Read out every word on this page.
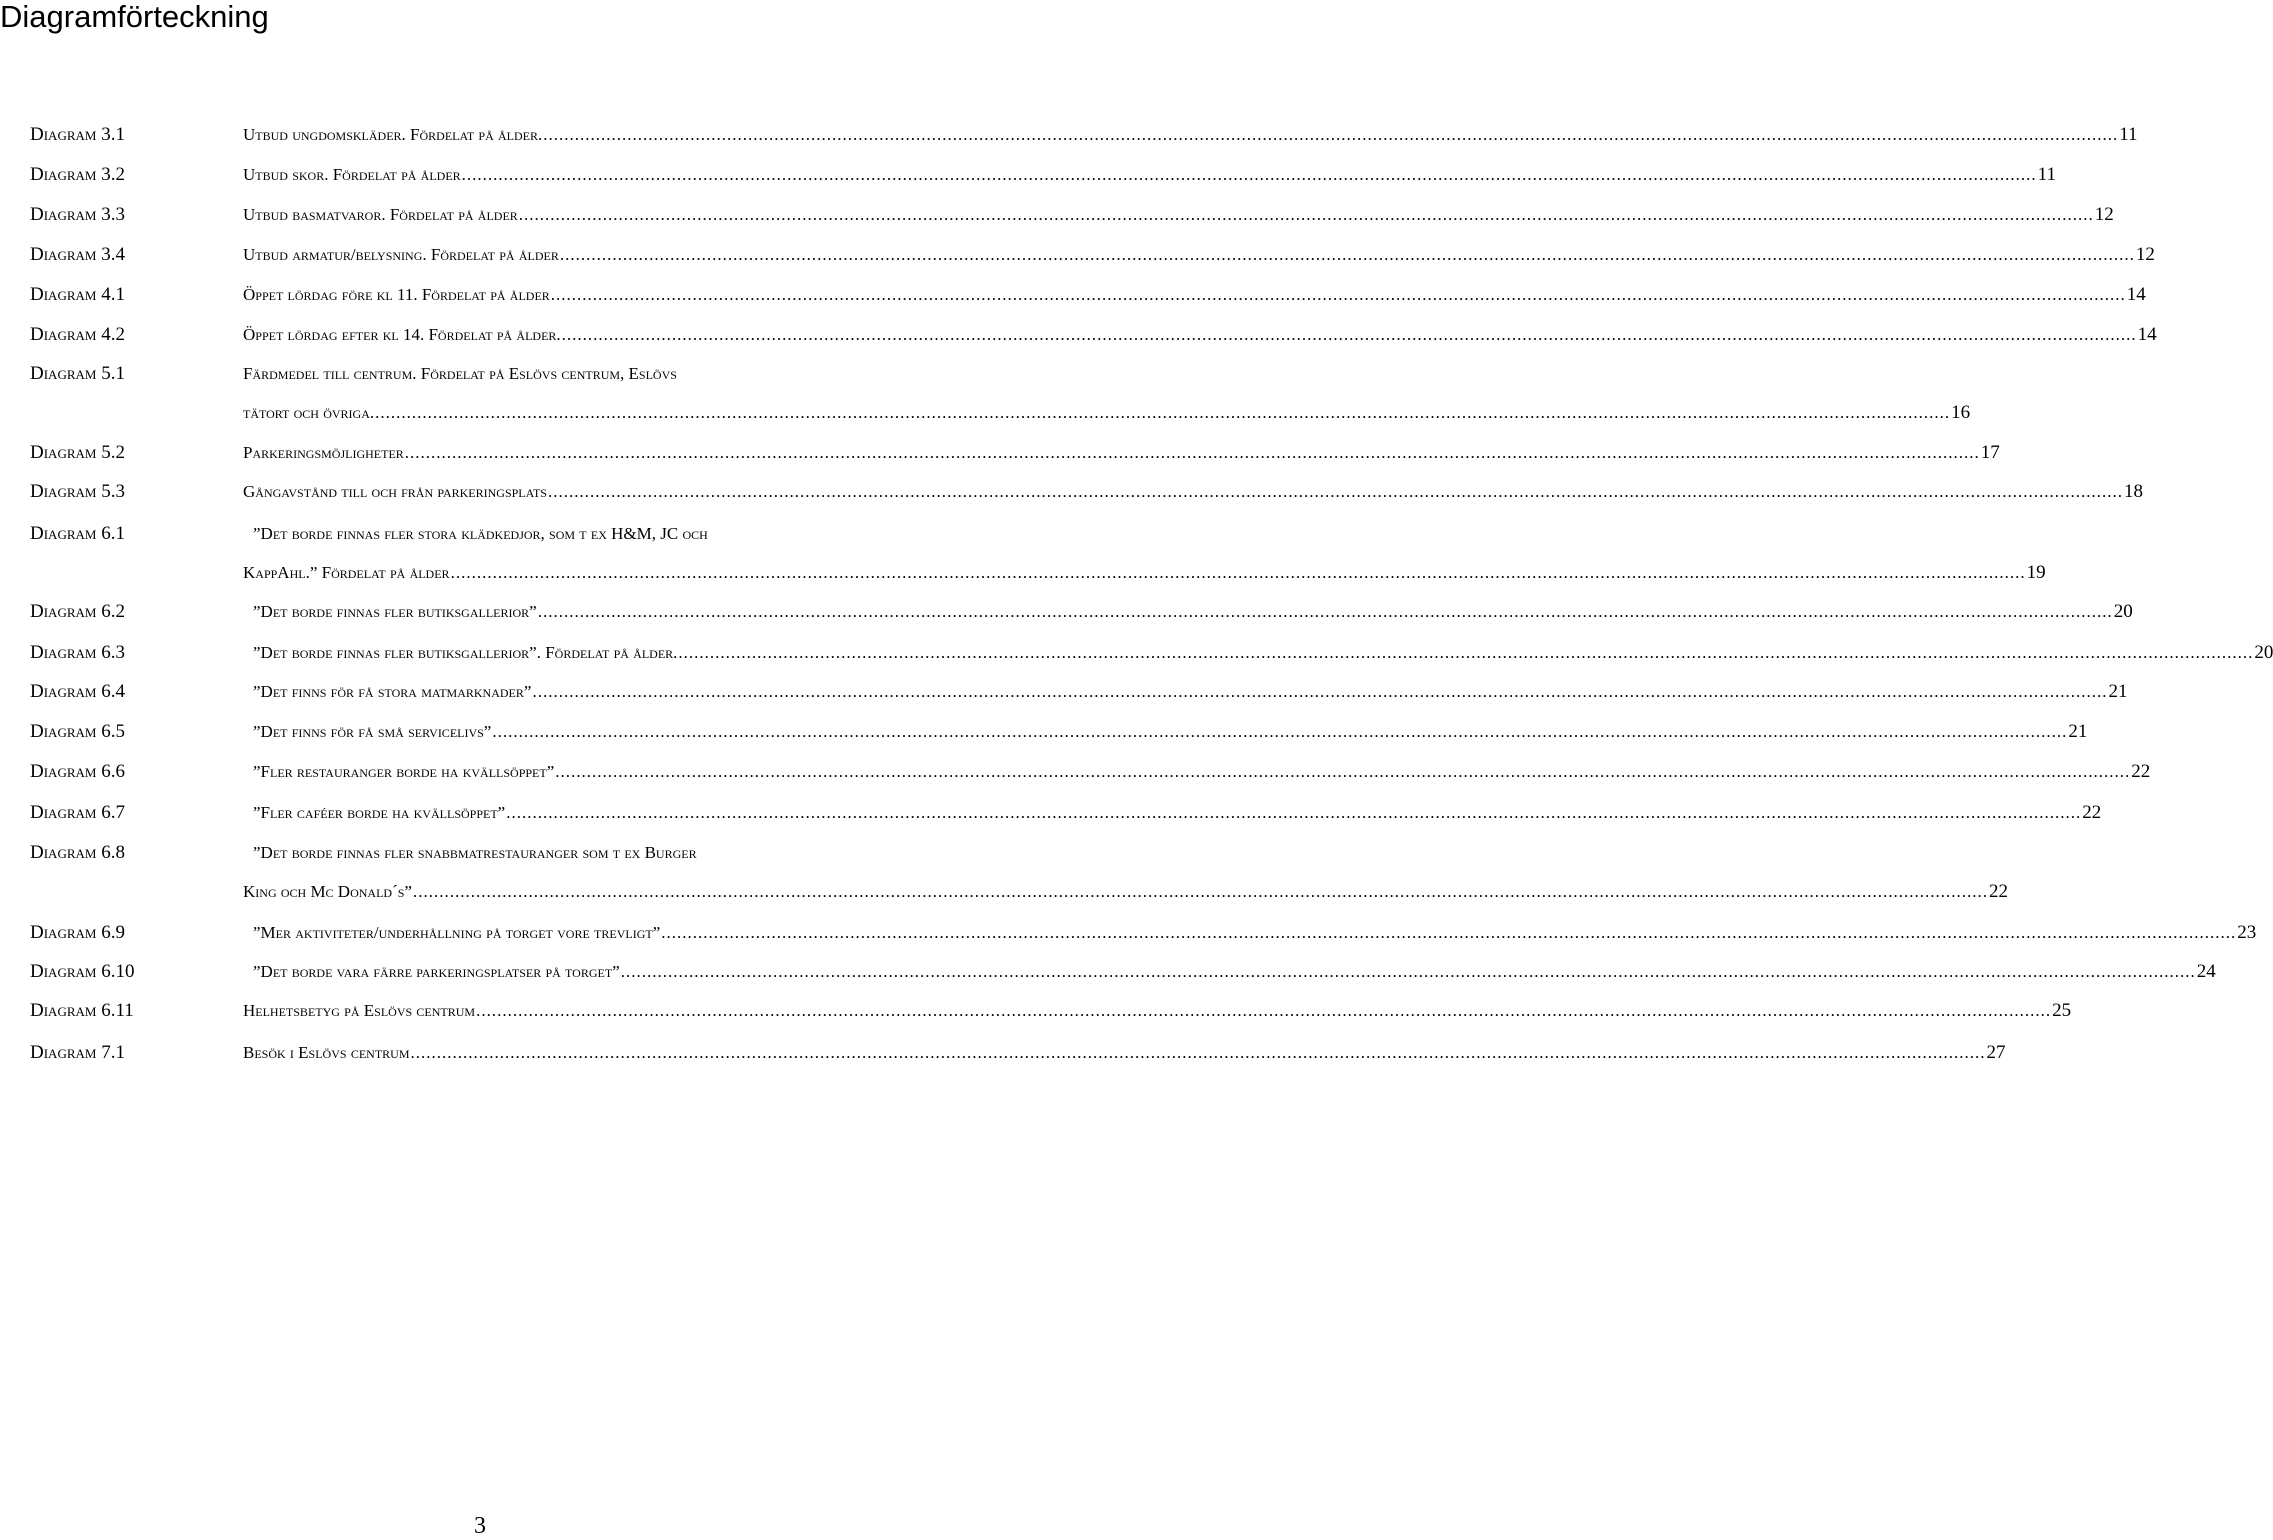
Diagramförteckning
Diagram 3.1	Utbud ungdomskläder. Fördelat på ålder. ............................................................................................................................................................................................................................................................................................................ 11
Diagram 3.2	Utbud skor. Fördelat på ålder ............................................................................................................................................................................................................................................................................................................ 11
Diagram 3.3	Utbud basmatvaror. Fördelat på ålder ............................................................................................................................................................................................................................................................................................................ 12
Diagram 3.4	Utbud armatur/belysning. Fördelat på ålder ............................................................................................................................................................................................................................................................................................................ 12
Diagram 4.1	Öppet lördag före kl 11. Fördelat på ålder ............................................................................................................................................................................................................................................................................................................ 14
Diagram 4.2	Öppet lördag efter kl 14. Fördelat på ålder. ............................................................................................................................................................................................................................................................................................................ 14
Diagram 5.1	Färdmedel till centrum. Fördelat på Eslövs centrum, Eslövs
tätort och övriga. ............................................................................................................................................................................................................................................................................................................ 16
Diagram 5.2	Parkeringsmöjligheter ............................................................................................................................................................................................................................................................................................................ 17
Diagram 5.3	Gångavstånd till och från parkeringsplats ............................................................................................................................................................................................................................................................................................................ 18
Diagram 6.1	”Det borde finnas fler stora klädkedjor, som t ex H&M, JC och
KappAhl.” Fördelat på ålder ............................................................................................................................................................................................................................................................................................................ 19
Diagram 6.2	”Det borde finnas fler butiksgallerior” ............................................................................................................................................................................................................................................................................................................ 20
Diagram 6.3	”Det borde finnas fler butiksgallerior”. Fördelat på ålder. ............................................................................................................................................................................................................................................................................................................ 20
Diagram 6.4	”Det finns för få stora matmarknader” ............................................................................................................................................................................................................................................................................................................ 21
Diagram 6.5	”Det finns för få små servicelivs” ............................................................................................................................................................................................................................................................................................................ 21
Diagram 6.6	”Fler restauranger borde ha kvällsöppet” ............................................................................................................................................................................................................................................................................................................ 22
Diagram 6.7	”Fler caféer borde ha kvällsöppet” ............................................................................................................................................................................................................................................................................................................ 22
Diagram 6.8	”Det borde finnas fler snabbmatrestauranger som t ex Burger
King och Mc Donald´s” ............................................................................................................................................................................................................................................................................................................ 22
Diagram 6.9	”Mer aktiviteter/underhållning på torget vore trevligt” ............................................................................................................................................................................................................................................................................................................ 23
Diagram 6.10	”Det borde vara färre parkeringsplatser på torget” ............................................................................................................................................................................................................................................................................................................ 24
Diagram 6.11	Helhetsbetyg på Eslövs centrum ............................................................................................................................................................................................................................................................................................................ 25
Diagram 7.1	Besök i Eslövs centrum ............................................................................................................................................................................................................................................................................................................ 27
3
